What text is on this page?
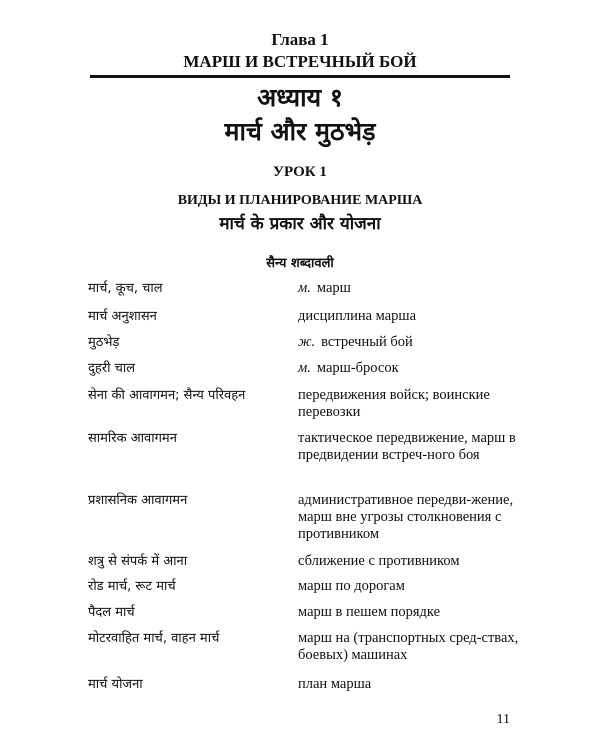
Глава 1
МАРШ И ВСТРЕЧНЫЙ БОЙ
अध्याय १
मार्च और मुठभेड़
УРОК 1
ВИДЫ И ПЛАНИРОВАНИЕ МАРША
मार्च के प्रकार और योजना
सैन्य शब्दावली
मार्च, कूच, चाल	м. марш
मार्च अनुशासन	дисциплина марша
मुठभेड़	ж. встречный бой
दुहरी चाल	м. марш-бросок
सेना की आवागमन; सैन्य परिवहन	передвижения войск; воинские перевозки
सामरिक आवागमन	тактическое передвижение, марш в предвидении встреч-ного боя
प्रशासनिक आवागमन	административное передви-жение, марш вне угрозы столкновения с противником
शत्रु से संपर्क में आना	сближение с противником
रोड मार्च, रूट मार्च	марш по дорогам
पैदल मार्च	марш в пешем порядке
मोटरवाहित मार्च, वाहन मार्च	марш на (транспортных сред-ствах, боевых) машинах
मार्च योजना	план марша
11
